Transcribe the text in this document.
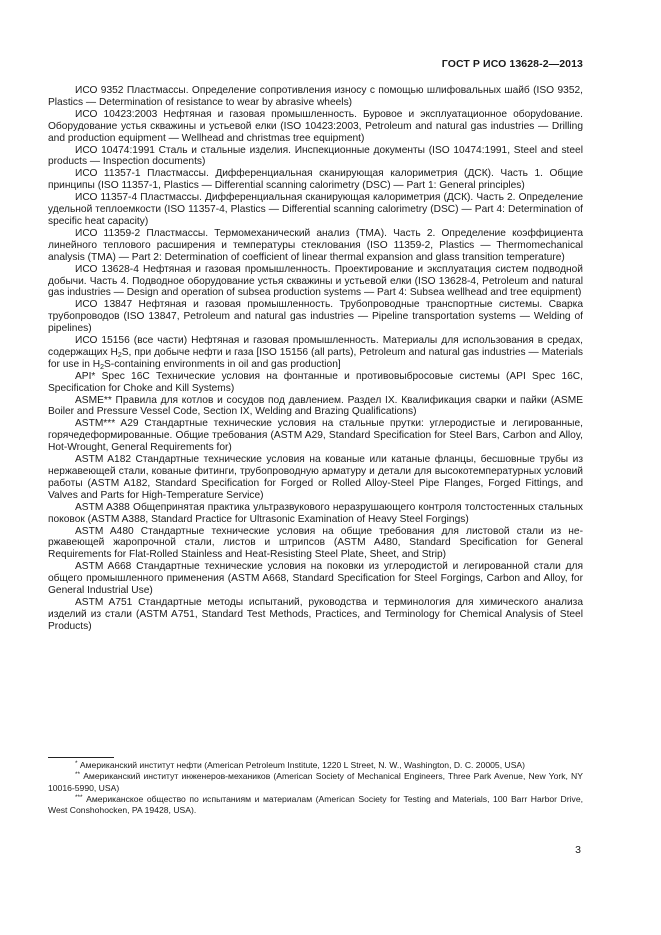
ГОСТ Р ИСО 13628-2—2013

ИСО 9352 Пластмассы. Определение сопротивления износу с помощью шлифовальных шайб (ISO 9352, Plastics — Determination of resistance to wear by abrasive wheels)

ИСО 10423:2003 Нефтяная и газовая промышленность. Буровое и эксплуатационное оборуdование. Оборудование устья скважины и устьевой елки (ISO 10423:2003, Petroleum and natural gas industries — Drilling and production equipment — Wellhead and christmas tree equipment)

ИСО 10474:1991 Сталь и стальные изделия. Инспекционные документы (ISO 10474:1991, Steel and steel products — Inspection documents)

ИСО 11357-1 Пластмассы. Дифференциальная сканирующая калориметрия (ДСК). Часть 1. Общие принципы (ISO 11357-1, Plastics — Differential scanning calorimetry (DSC) — Part 1: General principles)

ИСО 11357-4 Пластмассы. Дифференциальная сканирующая калориметрия (ДСК). Часть 2. Определение удельной теплоемкости (ISO 11357-4, Plastics — Differential scanning calorimetry (DSC) — Part 4: Determination of specific heat capacity)

ИСО 11359-2 Пластмассы. Термомеханический анализ (ТМА). Часть 2. Определение коэффициента линейного теплового расширения и температуры стеклования (ISO 11359-2, Plastics — Thermomechanical analysis (TMA) — Part 2: Determination of coefficient of linear thermal expansion and glass transition temperature)

ИСО 13628-4 Нефтяная и газовая промышленность. Проектирование и эксплуатация систем подводной добычи. Часть 4. Подводное оборудование устья скважины и устьевой елки (ISO 13628-4, Petroleum and natural gas industries — Design and operation of subsea production systems — Part 4: Subsea wellhead and tree equipment)

ИСО 13847 Нефтяная и газовая промышленность. Трубопроводные транспортные системы. Сварка трубопроводов (ISO 13847, Petroleum and natural gas industries — Pipeline transportation systems — Welding of pipelines)

ИСО 15156 (все части) Нефтяная и газовая промышленность. Материалы для использования в средах, содержащих $H_2S$, при добыче нефти и газа [ISO 15156 (all parts), Petroleum and natural gas industries — Materials for use in $H_2S$-containing environments in oil and gas production]

API* Spec 16C Технические условия на фонтанные и противовыбросовые системы (API Spec 16C, Specification for Choke and Kill Systems)

ASME** Правила для котлов и сосудов под давлением. Раздел IX. Квалификация сварки и пайки (ASME Boiler and Pressure Vessel Code, Section IX, Welding and Brazing Qualifications)

ASTM*** A29 Стандартные технические условия на стальные прутки: углеродистые и легированные, горячедеформированные. Общие требования (ASTM A29, Standard Specification for Steel Bars, Carbon and Alloy, Hot-Wrought, General Requirements for)

ASTM A182 Стандартные технические условия на кованые или катаные фланцы, бесшовные трубы из нержавеющей стали, кованые фитинги, трубопроводную арматуру и детали для высокотемпературных условий работы (ASTM A182, Standard Specification for Forged or Rolled Alloy-Steel Pipe Flanges, Forged Fittings, and Valves and Parts for High-Temperature Service)

ASTM A388 Общепринятая практика ультразвукового неразрушающего контроля толстостенных стальных поковок (ASTM A388, Standard Practice for Ultrasonic Examination of Heavy Steel Forgings)

ASTM A480 Стандартные технические условия на общие требования для листовой стали из нержавеющей жаропрочной стали, листов и штрипсов (ASTM A480, Standard Specification for General Requirements for Flat-Rolled Stainless and Heat-Resisting Steel Plate, Sheet, and Strip)

ASTM A668 Стандартные технические условия на поковки из углеродистой и легированной стали для общего промышленного применения (ASTM A668, Standard Specification for Steel Forgings, Carbon and Alloy, for General Industrial Use)

ASTM A751 Стандартные методы испытаний, руководства и терминология для химического анализа изделий из стали (ASTM A751, Standard Test Methods, Practices, and Terminology for Chemical Analysis of Steel Products)

* Американский институт нефти (American Petroleum Institute, 1220 L Street, N. W., Washington, D. C. 20005, USA)

** Американский институт инженеров-механиков (American Society of Mechanical Engineers, Three Park Avenue, New York, NY 10016-5990, USA)

*** Американское общество по испытаниям и материалам (American Society for Testing and Materials, 100 Barr Harbor Drive, West Conshohocken, PA 19428, USA).

3
